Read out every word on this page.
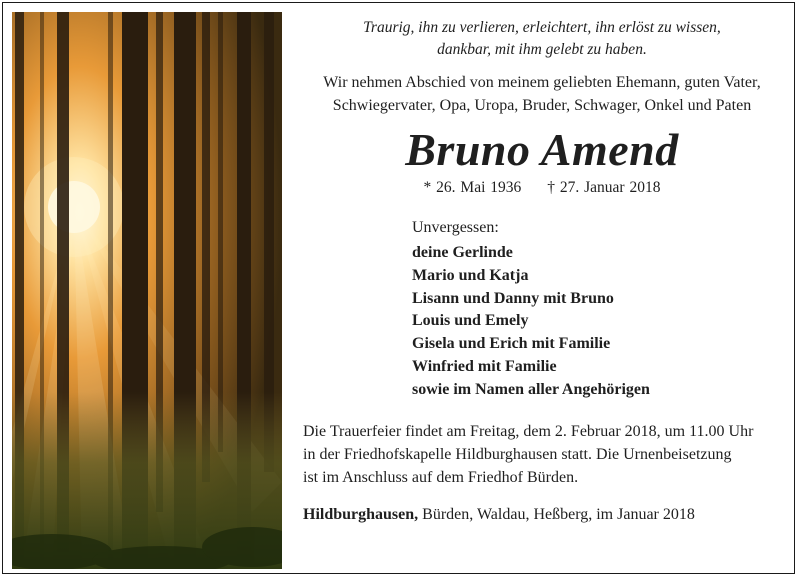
Traurig, ihn zu verlieren, erleichtert, ihn erlöst zu wissen,
dankbar, mit ihm gelebt zu haben.
Wir nehmen Abschied von meinem geliebten Ehemann, guten Vater,
Schwiegervater, Opa, Uropa, Bruder, Schwager, Onkel und Paten
Bruno Amend
* 26. Mai 1936 † 27. Januar 2018
Unvergessen:
deine Gerlinde
Mario und Katja
Lisann und Danny mit Bruno
Louis und Emely
Gisela und Erich mit Familie
Winfried mit Familie
sowie im Namen aller Angehörigen
Die Trauerfeier findet am Freitag, dem 2. Februar 2018, um 11.00 Uhr
in der Friedhofskapelle Hildburghausen statt. Die Urnenbeisetzung
ist im Anschluss auf dem Friedhof Bürden.
Hildburghausen, Bürden, Waldau, Heßberg, im Januar 2018
